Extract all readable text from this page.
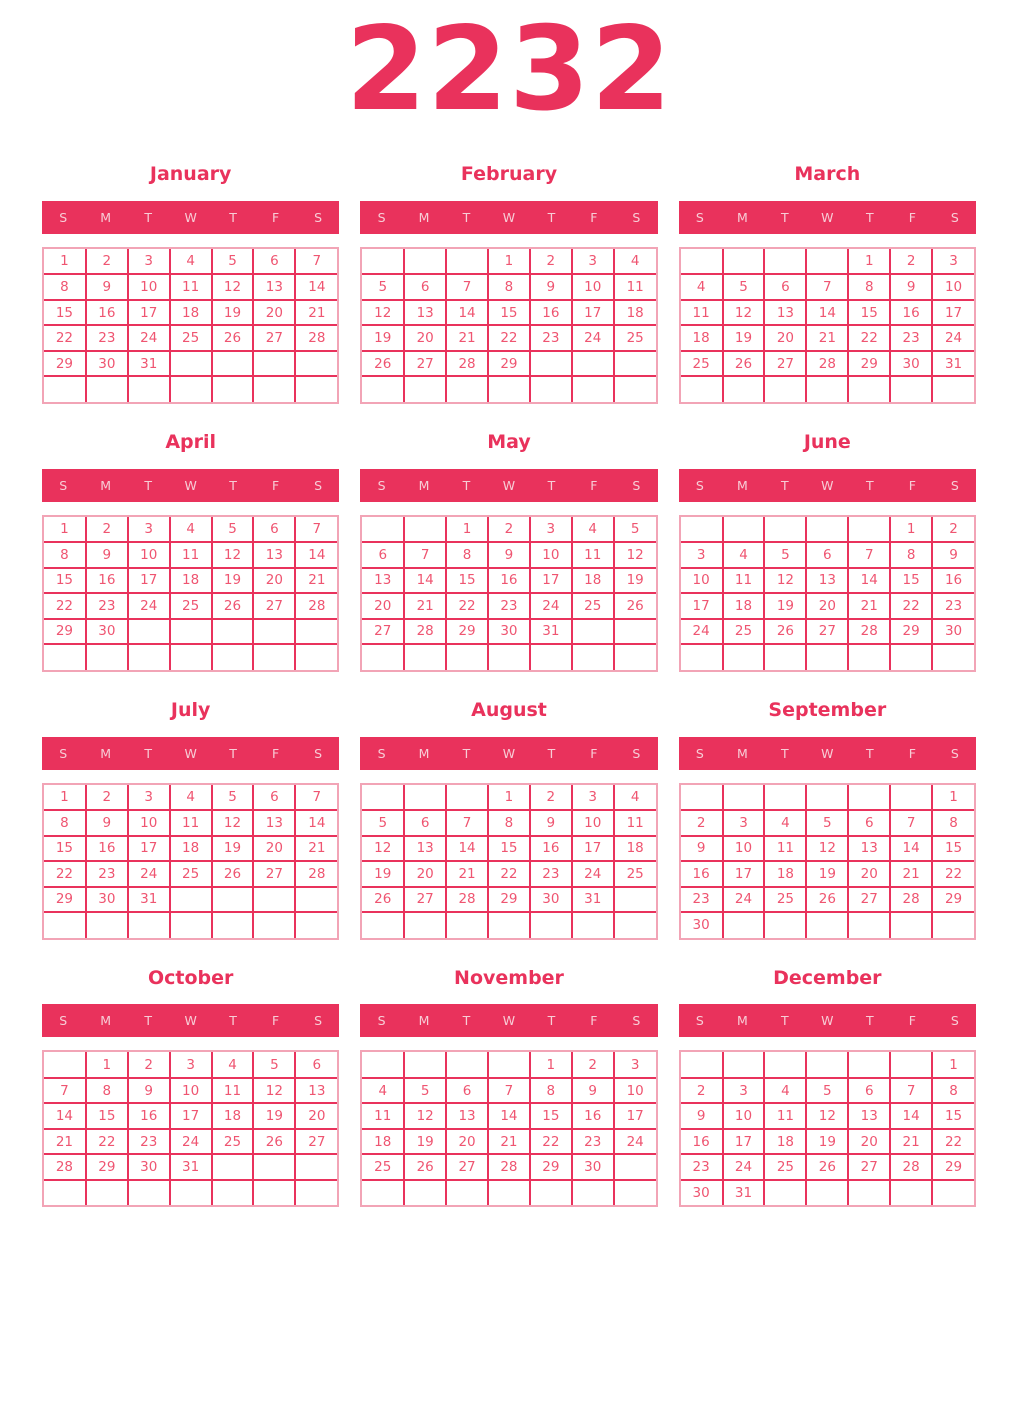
2232
January
S	M	T	W	T	F	S
1	2	3	4	5	6	7
8	9	10	11	12	13	14
15	16	17	18	19	20	21
22	23	24	25	26	27	28
29	30	31				

February
S	M	T	W	T	F	S
			1	2	3	4
5	6	7	8	9	10	11
12	13	14	15	16	17	18
19	20	21	22	23	24	25
26	27	28	29			

March
S	M	T	W	T	F	S
				1	2	3
4	5	6	7	8	9	10
11	12	13	14	15	16	17
18	19	20	21	22	23	24
25	26	27	28	29	30	31

April
S	M	T	W	T	F	S
1	2	3	4	5	6	7
8	9	10	11	12	13	14
15	16	17	18	19	20	21
22	23	24	25	26	27	28
29	30					

May
S	M	T	W	T	F	S
		1	2	3	4	5
6	7	8	9	10	11	12
13	14	15	16	17	18	19
20	21	22	23	24	25	26
27	28	29	30	31		

June
S	M	T	W	T	F	S
					1	2
3	4	5	6	7	8	9
10	11	12	13	14	15	16
17	18	19	20	21	22	23
24	25	26	27	28	29	30

July
S	M	T	W	T	F	S
1	2	3	4	5	6	7
8	9	10	11	12	13	14
15	16	17	18	19	20	21
22	23	24	25	26	27	28
29	30	31				

August
S	M	T	W	T	F	S
			1	2	3	4
5	6	7	8	9	10	11
12	13	14	15	16	17	18
19	20	21	22	23	24	25
26	27	28	29	30	31	

September
S	M	T	W	T	F	S
						1
2	3	4	5	6	7	8
9	10	11	12	13	14	15
16	17	18	19	20	21	22
23	24	25	26	27	28	29
30						
October
S	M	T	W	T	F	S
	1	2	3	4	5	6
7	8	9	10	11	12	13
14	15	16	17	18	19	20
21	22	23	24	25	26	27
28	29	30	31			

November
S	M	T	W	T	F	S
				1	2	3
4	5	6	7	8	9	10
11	12	13	14	15	16	17
18	19	20	21	22	23	24
25	26	27	28	29	30	

December
S	M	T	W	T	F	S
						1
2	3	4	5	6	7	8
9	10	11	12	13	14	15
16	17	18	19	20	21	22
23	24	25	26	27	28	29
30	31					
